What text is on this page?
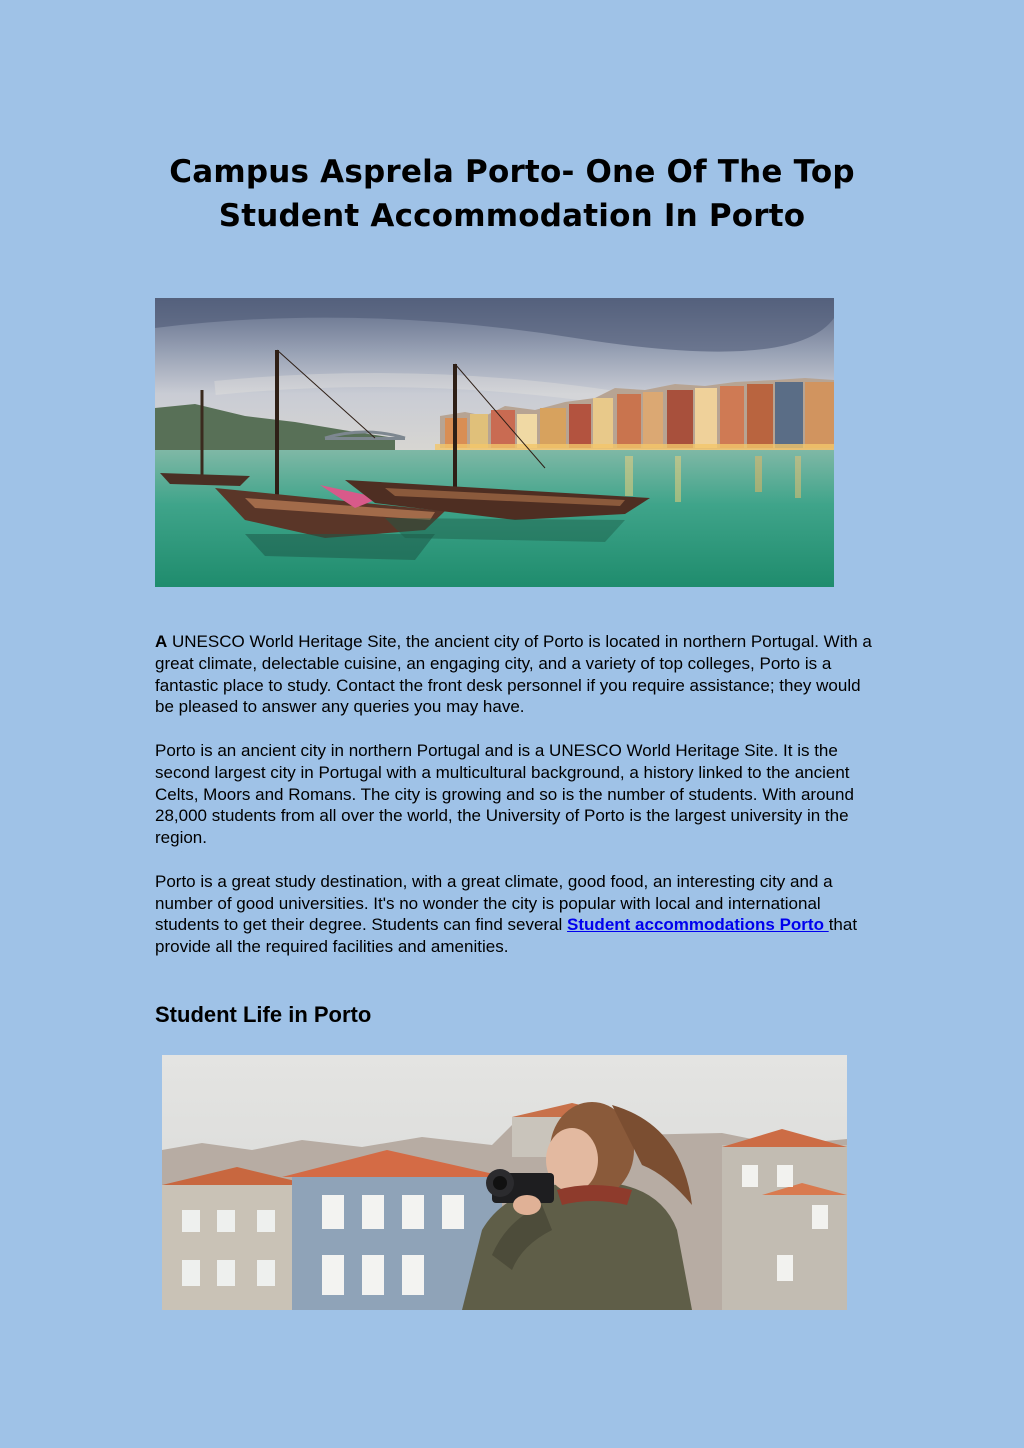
Campus Asprela Porto- One Of The Top Student Accommodation In Porto

A UNESCO World Heritage Site, the ancient city of Porto is located in northern Portugal. With a great climate, delectable cuisine, an engaging city, and a variety of top colleges, Porto is a fantastic place to study. Contact the front desk personnel if you require assistance; they would be pleased to answer any queries you may have.

Porto is an ancient city in northern Portugal and is a UNESCO World Heritage Site. It is the second largest city in Portugal with a multicultural background, a history linked to the ancient Celts, Moors and Romans. The city is growing and so is the number of students. With around 28,000 students from all over the world, the University of Porto is the largest university in the region.

Porto is a great study destination, with a great climate, good food, an interesting city and a number of good universities. It's no wonder the city is popular with local and international students to get their degree. Students can find several Student accommodations Porto that provide all the required facilities and amenities.

Student Life in Porto
